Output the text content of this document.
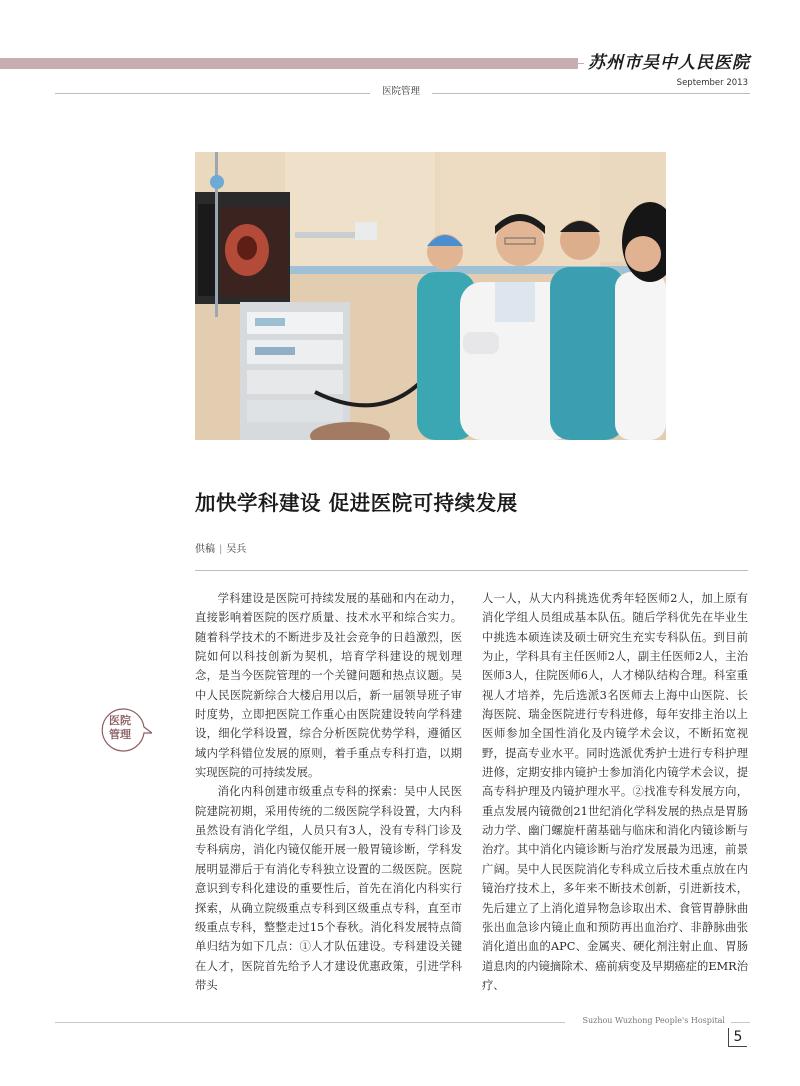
苏州市吴中人民医院
September 2013
医院管理
加快学科建设 促进医院可持续发展
供稿 | 吴兵
医院
管理

学科建设是医院可持续发展的基础和内在动力，直接影响着医院的医疗质量、技术水平和综合实力。随着科学技术的不断进步及社会竞争的日趋激烈，医院如何以科技创新为契机，培育学科建设的规划理念，是当今医院管理的一个关键问题和热点议题。吴中人民医院新综合大楼启用以后，新一届领导班子审时度势，立即把医院工作重心由医院建设转向学科建设，细化学科设置，综合分析医院优势学科，遵循区域内学科错位发展的原则，着手重点专科打造，以期实现医院的可持续发展。

消化内科创建市级重点专科的探索：吴中人民医院建院初期，采用传统的二级医院学科设置，大内科虽然设有消化学组，人员只有3人，没有专科门诊及专科病房，消化内镜仅能开展一般胃镜诊断，学科发展明显滞后于有消化专科独立设置的二级医院。医院意识到专科化建设的重要性后，首先在消化内科实行探索，从确立院级重点专科到区级重点专科，直至市级重点专科，整整走过15个春秋。消化科发展特点简单归结为如下几点：①人才队伍建设。专科建设关键在人才，医院首先给予人才建设优惠政策，引进学科带头

人一人，从大内科挑选优秀年轻医师2人，加上原有消化学组人员组成基本队伍。随后学科优先在毕业生中挑选本硕连读及硕士研究生充实专科队伍。到目前为止，学科具有主任医师2人，副主任医师2人，主治医师3人，住院医师6人，人才梯队结构合理。科室重视人才培养，先后选派3名医师去上海中山医院、长海医院、瑞金医院进行专科进修，每年安排主治以上医师参加全国性消化及内镜学术会议，不断拓宽视野，提高专业水平。同时选派优秀护士进行专科护理进修，定期安排内镜护士参加消化内镜学术会议，提高专科护理及内镜护理水平。②找准专科发展方向，重点发展内镜微创21世纪消化学科发展的热点是胃肠动力学、幽门螺旋杆菌基础与临床和消化内镜诊断与治疗。其中消化内镜诊断与治疗发展最为迅速，前景广阔。吴中人民医院消化专科成立后技术重点放在内镜治疗技术上，多年来不断技术创新，引进新技术，先后建立了上消化道异物急诊取出术、食管胃静脉曲张出血急诊内镜止血和预防再出血治疗、非静脉曲张消化道出血的APC、金属夹、硬化剂注射止血、胃肠道息肉的内镜摘除术、癌前病变及早期癌症的EMR治疗、

Suzhou Wuzhong People's Hospital
5
